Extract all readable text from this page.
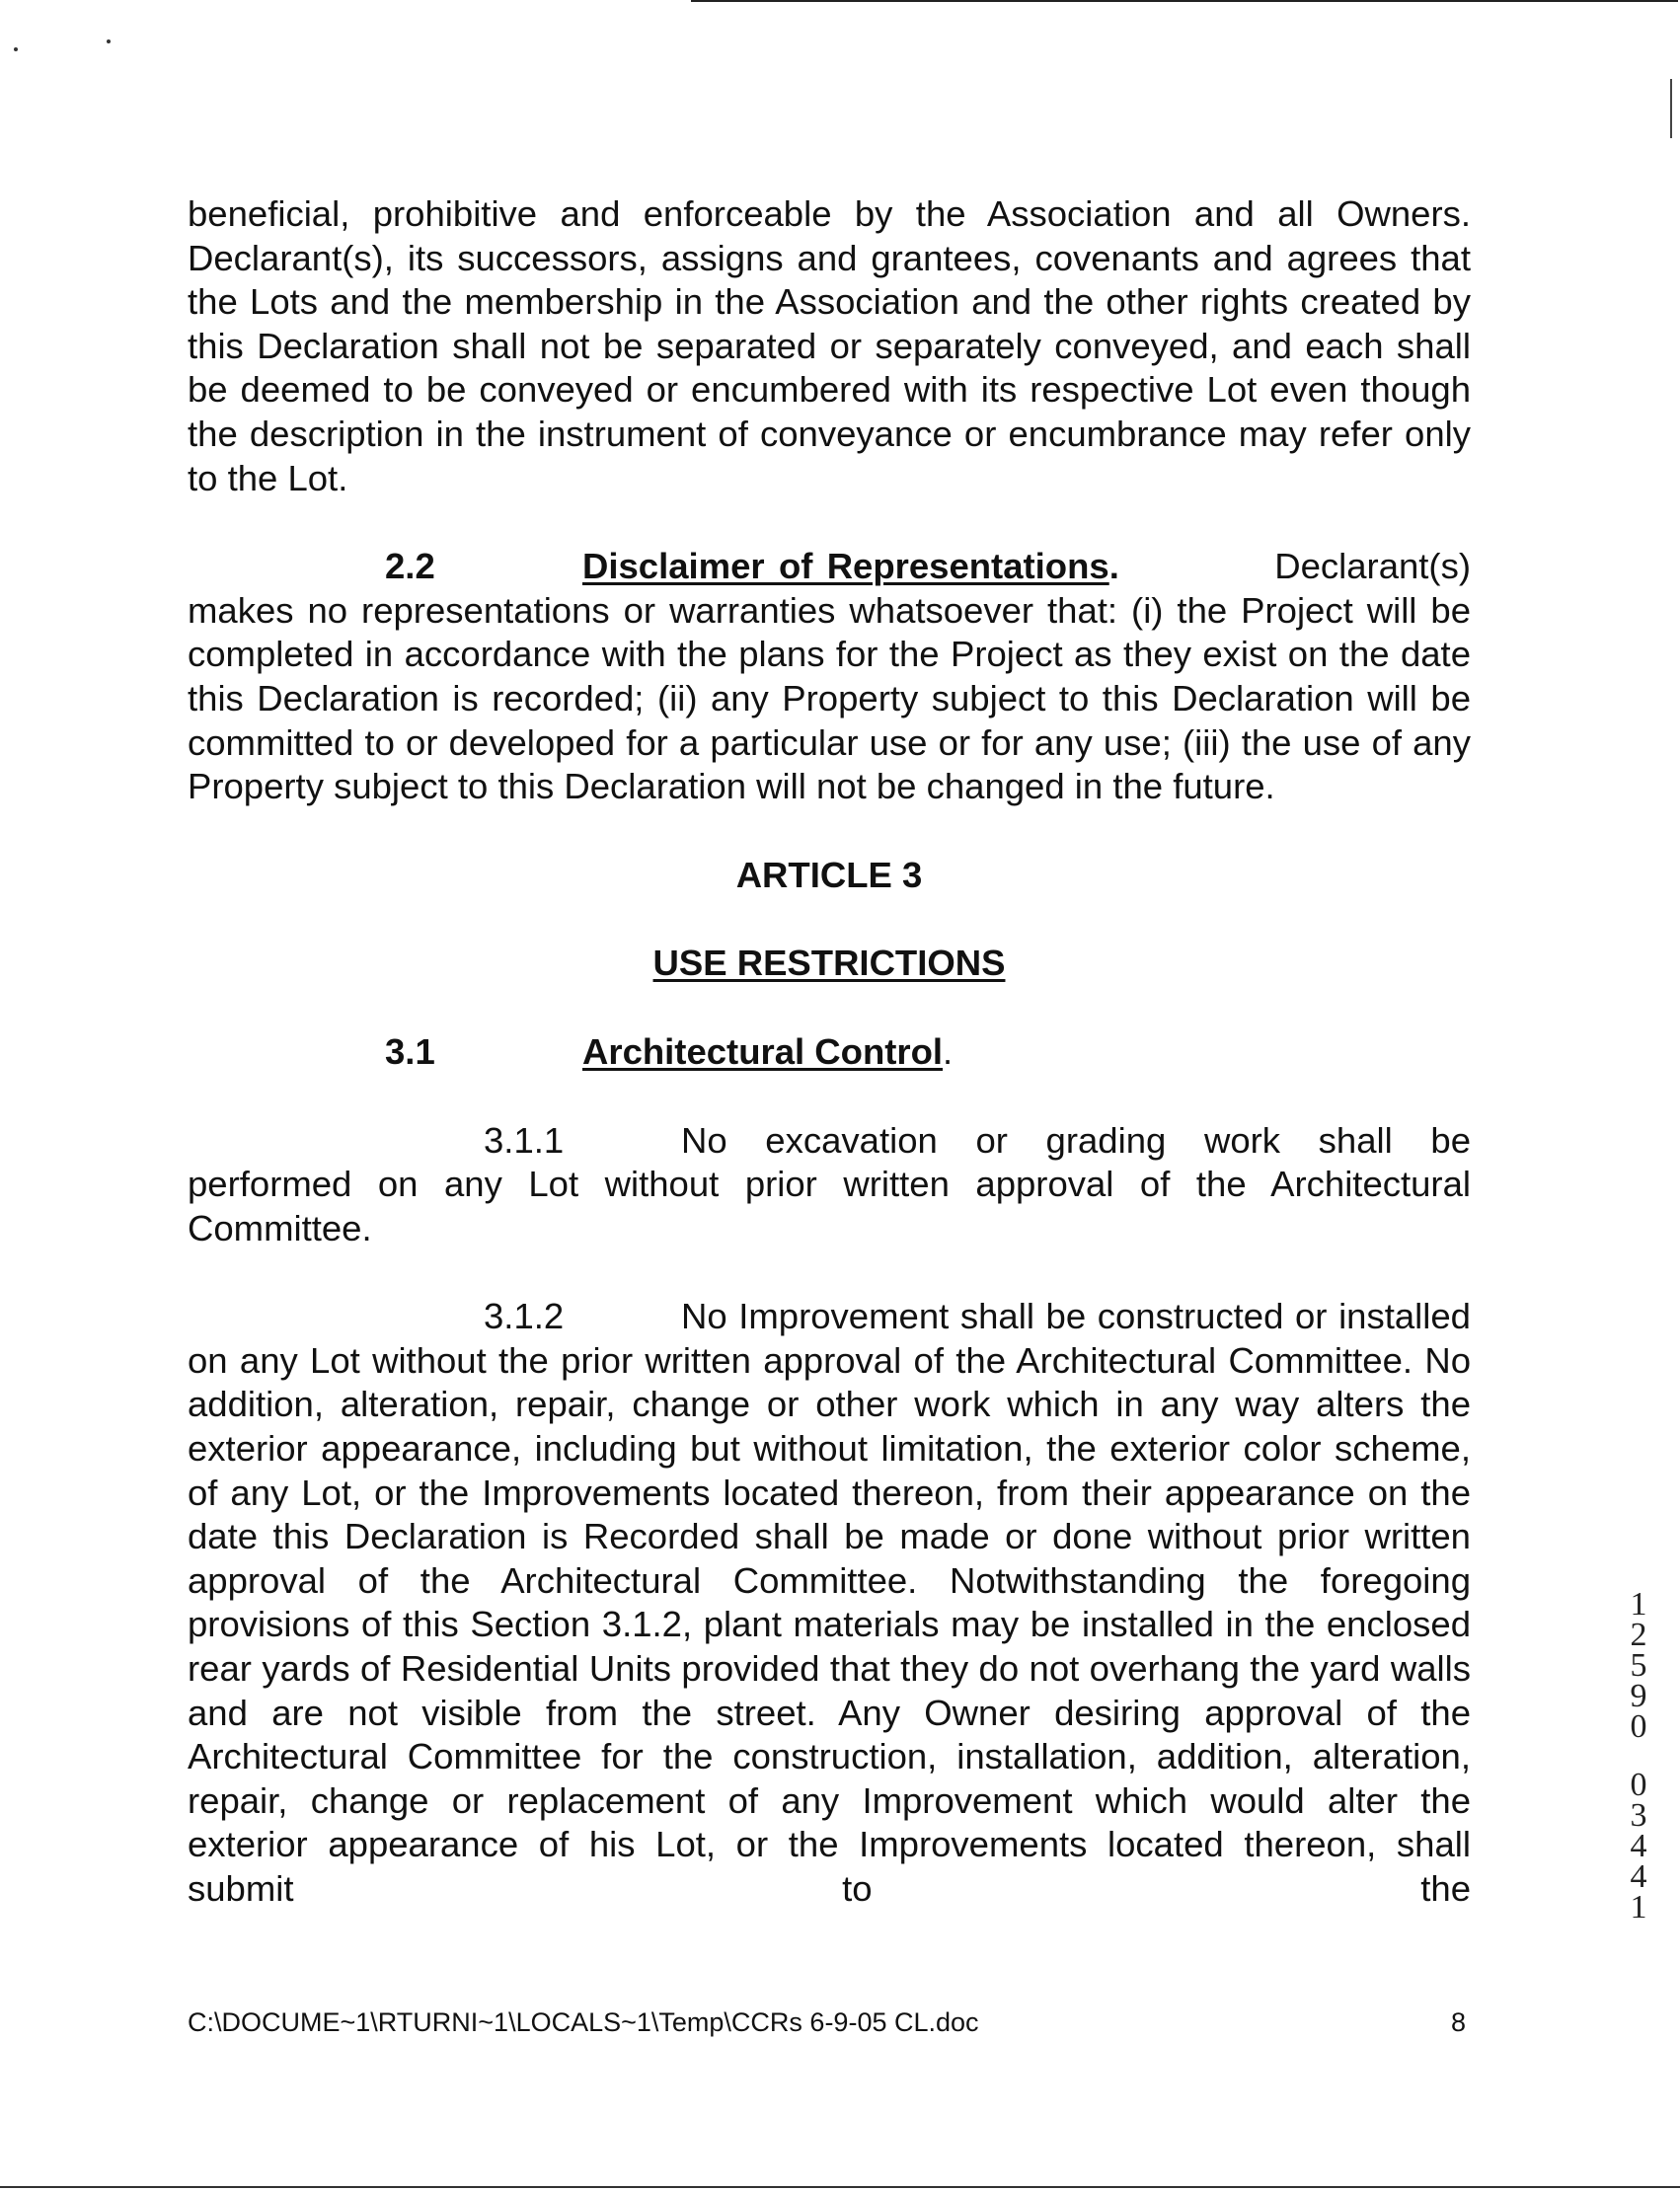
beneficial, prohibitive and enforceable by the Association and all Owners. Declarant(s), its successors, assigns and grantees, covenants and agrees that the Lots and the membership in the Association and the other rights created by this Declaration shall not be separated or separately conveyed, and each shall be deemed to be conveyed or encumbered with its respective Lot even though the description in the instrument of conveyance or encumbrance may refer only to the Lot.

2.2	Disclaimer of Representations.	Declarant(s) makes no representations or warranties whatsoever that: (i) the Project will be completed in accordance with the plans for the Project as they exist on the date this Declaration is recorded; (ii) any Property subject to this Declaration will be committed to or developed for a particular use or for any use; (iii) the use of any Property subject to this Declaration will not be changed in the future.

ARTICLE 3
USE RESTRICTIONS
3.1	Architectural Control.

3.1.1	No excavation or grading work shall be performed on any Lot without prior written approval of the Architectural Committee.

3.1.2	No Improvement shall be constructed or installed on any Lot without the prior written approval of the Architectural Committee. No addition, alteration, repair, change or other work which in any way alters the exterior appearance, including but without limitation, the exterior color scheme, of any Lot, or the Improvements located thereon, from their appearance on the date this Declaration is Recorded shall be made or done without prior written approval of the Architectural Committee. Notwithstanding the foregoing provisions of this Section 3.1.2, plant materials may be installed in the enclosed rear yards of Residential Units provided that they do not overhang the yard walls and are not visible from the street. Any Owner desiring approval of the Architectural Committee for the construction, installation, addition, alteration, repair, change or replacement of any Improvement which would alter the exterior appearance of his Lot, or the Improvements located thereon, shall submit to the

C:\DOCUME~1\RTURNI~1\LOCALS~1\Temp\CCRs 6-9-05 CL.doc	8
1
2
5
9
0
0
3
4
4
1
